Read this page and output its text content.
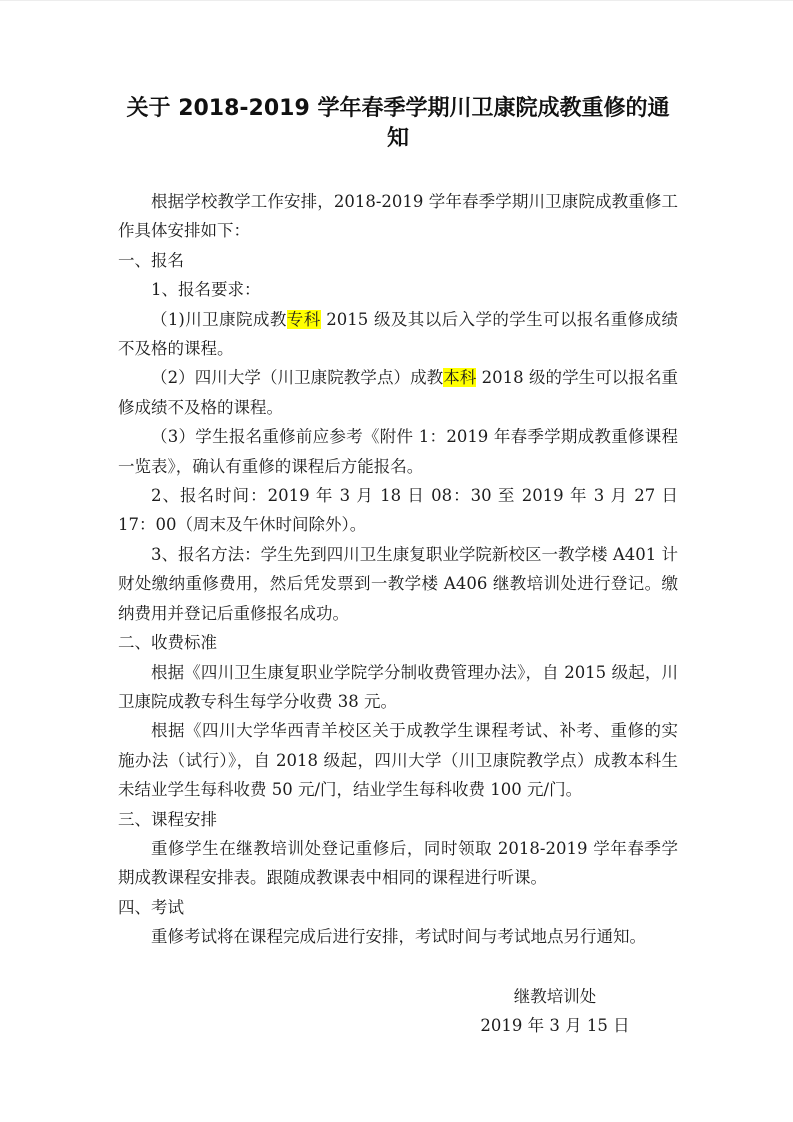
关于 2018-2019 学年春季学期川卫康院成教重修的通知

根据学校教学工作安排，2018-2019 学年春季学期川卫康院成教重修工作具体安排如下：

一、报名

1、报名要求：

（1)川卫康院成教专科 2015 级及其以后入学的学生可以报名重修成绩不及格的课程。

（2）四川大学（川卫康院教学点）成教本科 2018 级的学生可以报名重修成绩不及格的课程。

（3）学生报名重修前应参考《附件 1：2019 年春季学期成教重修课程一览表》，确认有重修的课程后方能报名。

2、报名时间：2019 年 3 月 18 日 08：30 至 2019 年 3 月 27 日 17：00（周末及午休时间除外）。

3、报名方法：学生先到四川卫生康复职业学院新校区一教学楼 A401 计财处缴纳重修费用，然后凭发票到一教学楼 A406 继教培训处进行登记。缴纳费用并登记后重修报名成功。

二、收费标准

根据《四川卫生康复职业学院学分制收费管理办法》，自 2015 级起，川卫康院成教专科生每学分收费 38 元。

根据《四川大学华西青羊校区关于成教学生课程考试、补考、重修的实施办法（试行）》，自 2018 级起，四川大学（川卫康院教学点）成教本科生未结业学生每科收费 50 元/门，结业学生每科收费 100 元/门。

三、课程安排

重修学生在继教培训处登记重修后，同时领取 2018-2019 学年春季学期成教课程安排表。跟随成教课表中相同的课程进行听课。

四、考试

重修考试将在课程完成后进行安排，考试时间与考试地点另行通知。

继教培训处

2019 年 3 月 15 日
